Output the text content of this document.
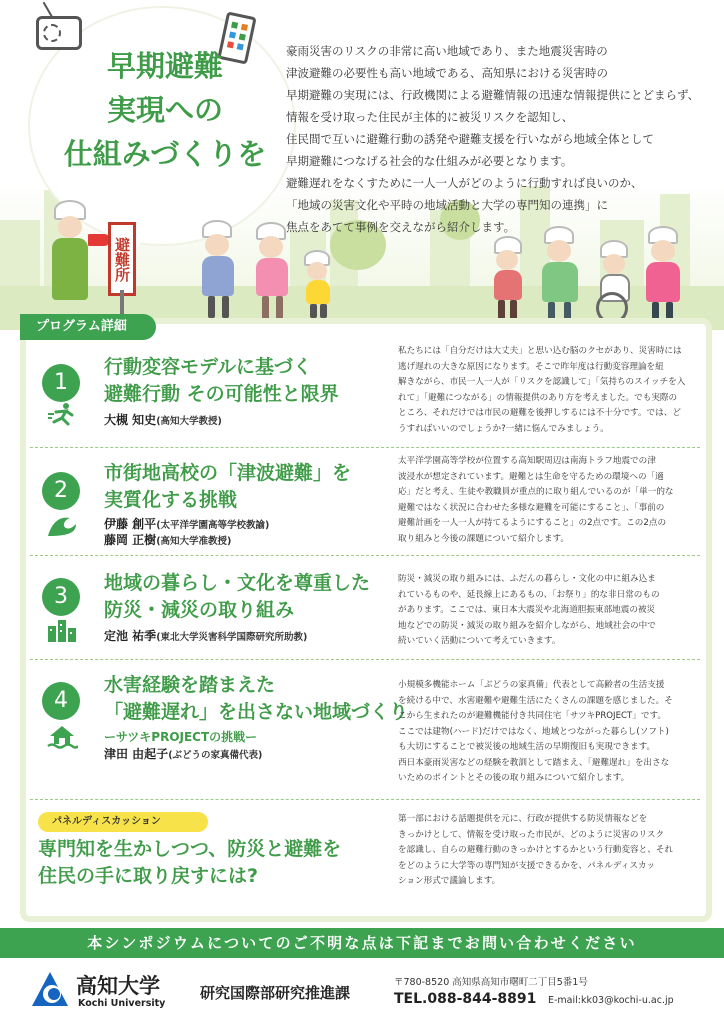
早期避難
実現への
仕組みづくりを

豪雨災害のリスクの非常に高い地域であり、また地震災害時の

津波避難の必要性も高い地域である、高知県における災害時の

早期避難の実現には、行政機関による避難情報の迅速な情報提供にとどまらず、

情報を受け取った住民が主体的に被災リスクを認知し、

住民間で互いに避難行動の誘発や避難支援を行いながら地域全体として

早期避難につなげる社会的な仕組みが必要となります。

避難遅れをなくすために一人一人がどのように行動すれば良いのか、

「地域の災害文化や平時の地域活動と大学の専門知の連携」に

焦点をあてて事例を交えながら紹介します。

避難所
プログラム詳細
1
行動変容モデルに基づく
避難行動 その可能性と限界
大槻 知史(高知大学教授)

私たちには「自分だけは大丈夫」と思い込む脳のクセがあり、災害時には

逃げ遅れの大きな原因になります。そこで昨年度は行動変容理論を紐

解きながら、市民一人一人が「リスクを認識して」「気持ちのスイッチを入

れて」「避難につながる」の情報提供のあり方を考えました。でも実際の

ところ、それだけでは市民の避難を後押しするには不十分です。では、ど

うすればいいのでしょうか?一緒に悩んでみましょう。

2
市街地高校の「津波避難」を
実質化する挑戦
伊藤 創平(太平洋学園高等学校教諭)
藤岡 正樹(高知大学准教授)

太平洋学園高等学校が位置する高知駅周辺は南海トラフ地震での津

波浸水が想定されています。避難とは生命を守るための環境への「適

応」だと考え、生徒や教職員が重点的に取り組んでいるのが「単一的な

避難ではなく状況に合わせた多様な避難を可能にすること」、「事前の

避難計画を一人一人が持てるようにすること」の2点です。この2点の

取り組みと今後の課題について紹介します。

3
地域の暮らし・文化を尊重した
防災・減災の取り組み
定池 祐季(東北大学災害科学国際研究所助教)

防災・減災の取り組みには、ふだんの暮らし・文化の中に組み込ま

れているものや、延長線上にあるもの、「お祭り」的な非日常のもの

があります。ここでは、東日本大震災や北海道胆振東部地震の被災

地などでの防災・減災の取り組みを紹介しながら、地域社会の中で

続いていく活動について考えていきます。

4
水害経験を踏まえた
「避難遅れ」を出さない地域づくり
ーサツキPROJECTの挑戦ー
津田 由起子(ぶどうの家真備代表)

小規模多機能ホーム「ぶどうの家真備」代表として高齢者の生活支援

を続ける中で、水害避難や避難生活にたくさんの課題を感じました。そ

こから生まれたのが避難機能付き共同住宅「サツキPROJECT」です。

ここでは建物(ハード)だけではなく、地域とつながった暮らし(ソフト)

も大切にすることで被災後の地域生活の早期復旧も実現できます。

西日本豪雨災害などの経験を教訓として踏まえ、「避難遅れ」を出さな

いためのポイントとその後の取り組みについて紹介します。

パネルディスカッション
専門知を生かしつつ、防災と避難を
住民の手に取り戻すには?

第一部における話題提供を元に、行政が提供する防災情報などを

きっかけとして、情報を受け取った市民が、どのように災害のリスク

を認識し、自らの避難行動のきっかけとするかという行動変容と、それ

をどのように大学等の専門知が支援できるかを、パネルディスカッ

ション形式で議論します。

本シンポジウムについてのご不明な点は下記までお問い合わせください
高知大学
Kochi University
研究国際部研究推進課
〒780-8520 高知県高知市曙町二丁目5番1号
TEL.088-844-8891 E-mail:kk03@kochi-u.ac.jp
